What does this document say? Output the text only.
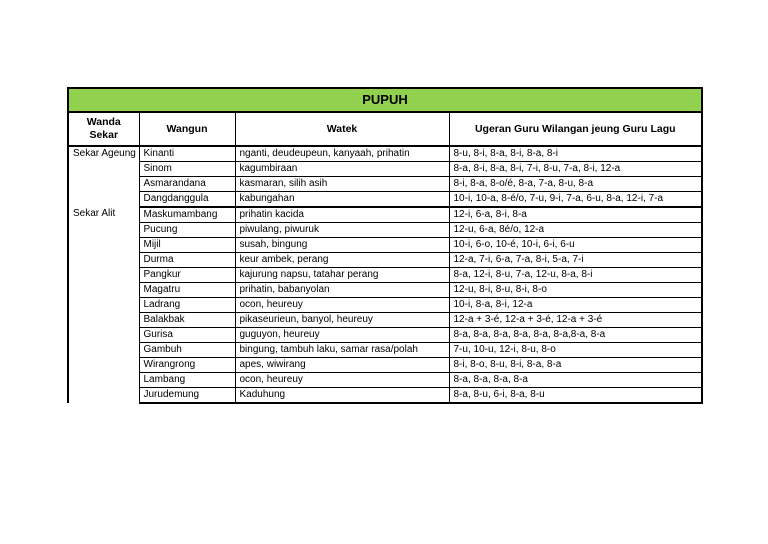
PUPUH			
Wanda Sekar	Wangun	Watek	Ugeran Guru Wilangan jeung Guru Lagu
Sekar Ageung	Kinanti	nganti, deudeupeun, kanyaah, prihatin	8-u, 8-i, 8-a, 8-i, 8-a, 8-i
	Sinom	kagumbiraan	8-a, 8-i, 8-a, 8-i, 7-i, 8-u, 7-a, 8-i, 12-a
	Asmarandana	kasmaran, silih asih	8-i, 8-a, 8-o/é, 8-a, 7-a, 8-u, 8-a
	Dangdanggula	kabungahan	10-i, 10-a, 8-é/o, 7-u, 9-i, 7-a, 6-u, 8-a, 12-i, 7-a
Sekar Alit	Maskumambang	prihatin kacida	12-i, 6-a, 8-i, 8-a
	Pucung	piwulang, piwuruk	12-u, 6-a, 8é/o, 12-a
	Mijil	susah, bingung	10-i, 6-o, 10-é, 10-i, 6-i, 6-u
	Durma	keur ambek, perang	12-a, 7-i, 6-a, 7-a, 8-i, 5-a, 7-i
	Pangkur	kajurung napsu, tatahar perang	8-a, 12-i, 8-u, 7-a, 12-u, 8-a, 8-i
	Magatru	prihatin, babanyolan	12-u, 8-i, 8-u, 8-i, 8-o
	Ladrang	ocon, heureuy	10-i, 8-a, 8-i, 12-a
	Balakbak	pikaseurieun, banyol, heureuy	12-a + 3-é, 12-a + 3-é, 12-a + 3-é
	Gurisa	guguyon, heureuy	8-a, 8-a, 8-a, 8-a, 8-a, 8-a,8-a, 8-a
	Gambuh	bingung, tambuh laku, samar rasa/polah	7-u, 10-u, 12-i, 8-u, 8-o
	Wirangrong	apes, wiwirang	8-i, 8-o, 8-u, 8-i, 8-a, 8-a
	Lambang	ocon, heureuy	8-a, 8-a, 8-a, 8-a
	Jurudemung	Kaduhung	8-a, 8-u, 6-i, 8-a, 8-u
